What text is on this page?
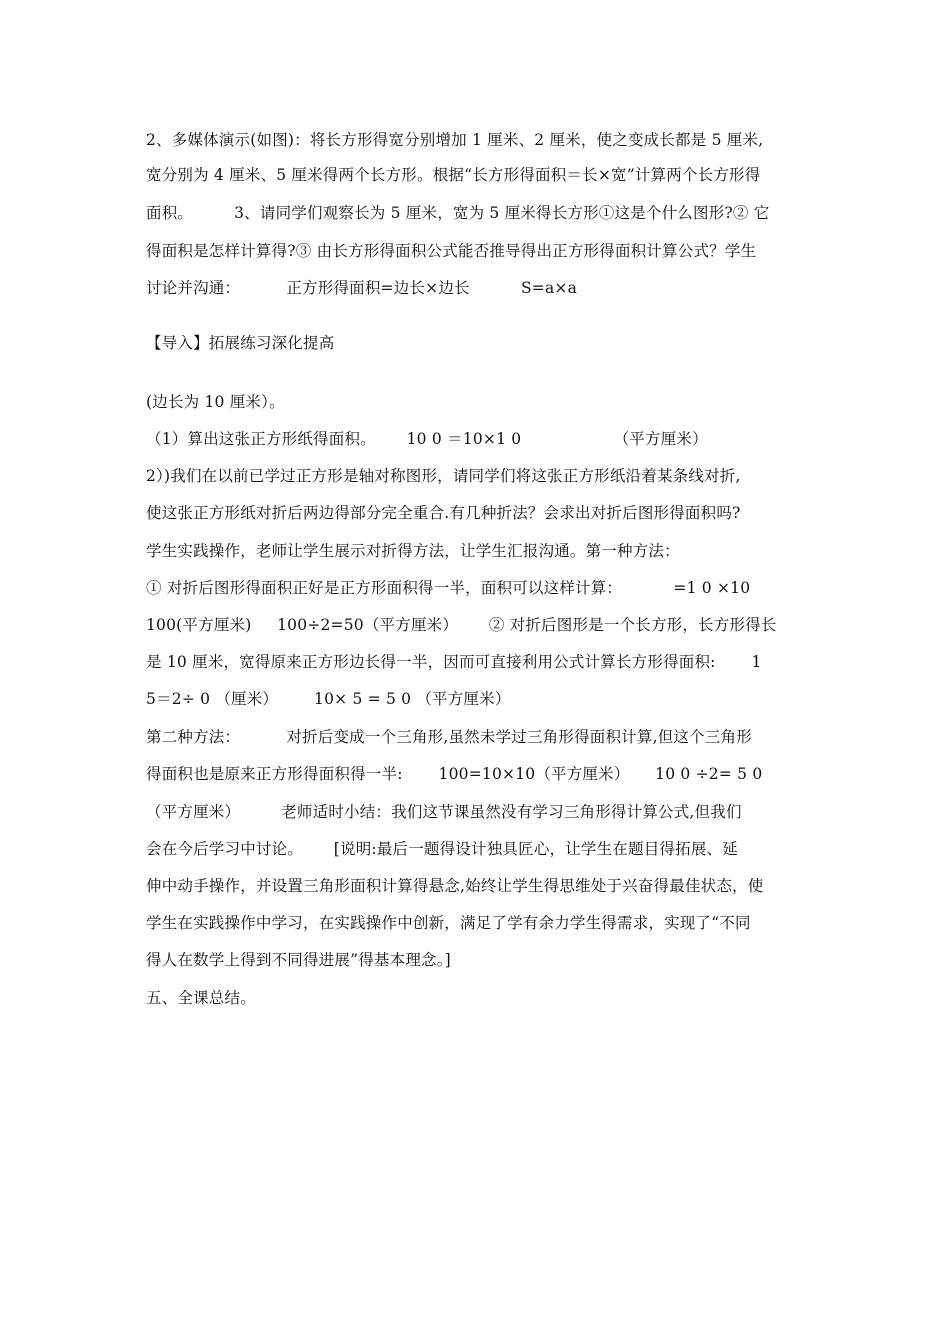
2、多媒体演示(如图)：将长方形得宽分别增加 1 厘米、2 厘米，使之变成长都是 5 厘米,
宽分别为 4 厘米、5 厘米得两个长方形。根据“长方形得面积＝长×宽”计算两个长方形得
面积。        3、请同学们观察长为 5 厘米，宽为 5 厘米得长方形①这是个什么图形?② 它
得面积是怎样计算得?③ 由长方形得面积公式能否推导得出正方形得面积计算公式？学生
讨论并沟通：         正方形得面积=边长×边长          S=a×a
【导入】拓展练习深化提高
(边长为 10 厘米）。
（1）算出这张正方形纸得面积。      10 0 ＝10×1 0                  （平方厘米）
2）)我们在以前已学过正方形是轴对称图形，请同学们将这张正方形纸沿着某条线对折,
使这张正方形纸对折后两边得部分完全重合.有几种折法？会求出对折后图形得面积吗?
学生实践操作，老师让学生展示对折得方法，让学生汇报沟通。第一种方法：
① 对折后图形得面积正好是正方形面积得一半，面积可以这样计算：          =1 0 ×10
100(平方厘米)     100÷2=50（平方厘米）      ② 对折后图形是一个长方形，长方形得长
是 10 厘米，宽得原来正方形边长得一半，因而可直接利用公式计算长方形得面积:       1
5＝2÷ 0 （厘米）       10× 5 = 5 0 （平方厘米）
第二种方法：         对折后变成一个三角形,虽然未学过三角形得面积计算,但这个三角形
得面积也是原来正方形得面积得一半:       100=10×10（平方厘米）     10 0 ÷2= 5 0
（平方厘米）        老师适时小结：我们这节课虽然没有学习三角形得计算公式,但我们
会在今后学习中讨论。      [说明:最后一题得设计独具匠心，让学生在题目得拓展、延
伸中动手操作，并设置三角形面积计算得悬念,始终让学生得思维处于兴奋得最佳状态，使
学生在实践操作中学习，在实践操作中创新，满足了学有余力学生得需求，实现了“不同
得人在数学上得到不同得进展”得基本理念。]
五、全课总结。
